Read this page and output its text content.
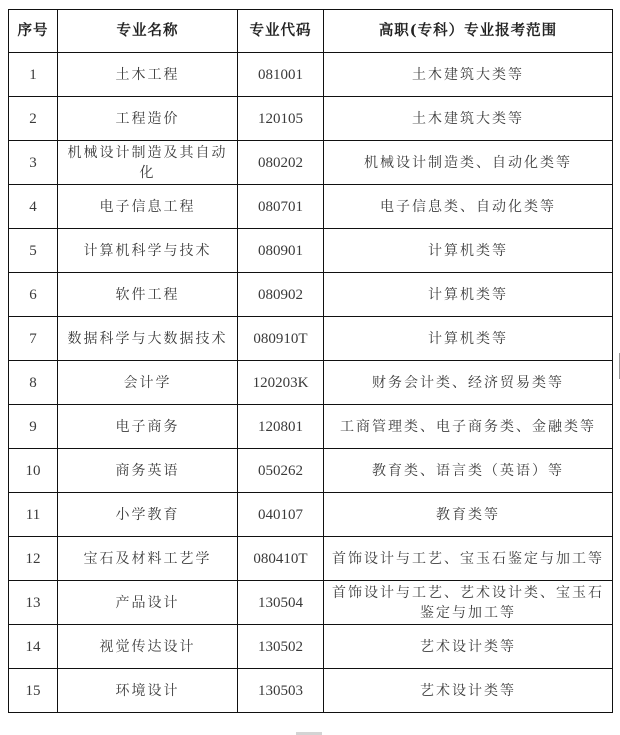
序号	专业名称	专业代码	高职(专科）专业报考范围
1	土木工程	081001	土木建筑大类等
2	工程造价	120105	土木建筑大类等
3	机械设计制造及其自动化	080202	机械设计制造类、自动化类等
4	电子信息工程	080701	电子信息类、自动化类等
5	计算机科学与技术	080901	计算机类等
6	软件工程	080902	计算机类等
7	数据科学与大数据技术	080910T	计算机类等
8	会计学	120203K	财务会计类、经济贸易类等
9	电子商务	120801	工商管理类、电子商务类、金融类等
10	商务英语	050262	教育类、语言类（英语）等
11	小学教育	040107	教育类等
12	宝石及材料工艺学	080410T	首饰设计与工艺、宝玉石鉴定与加工等
13	产品设计	130504	首饰设计与工艺、艺术设计类、宝玉石鉴定与加工等
14	视觉传达设计	130502	艺术设计类等
15	环境设计	130503	艺术设计类等
